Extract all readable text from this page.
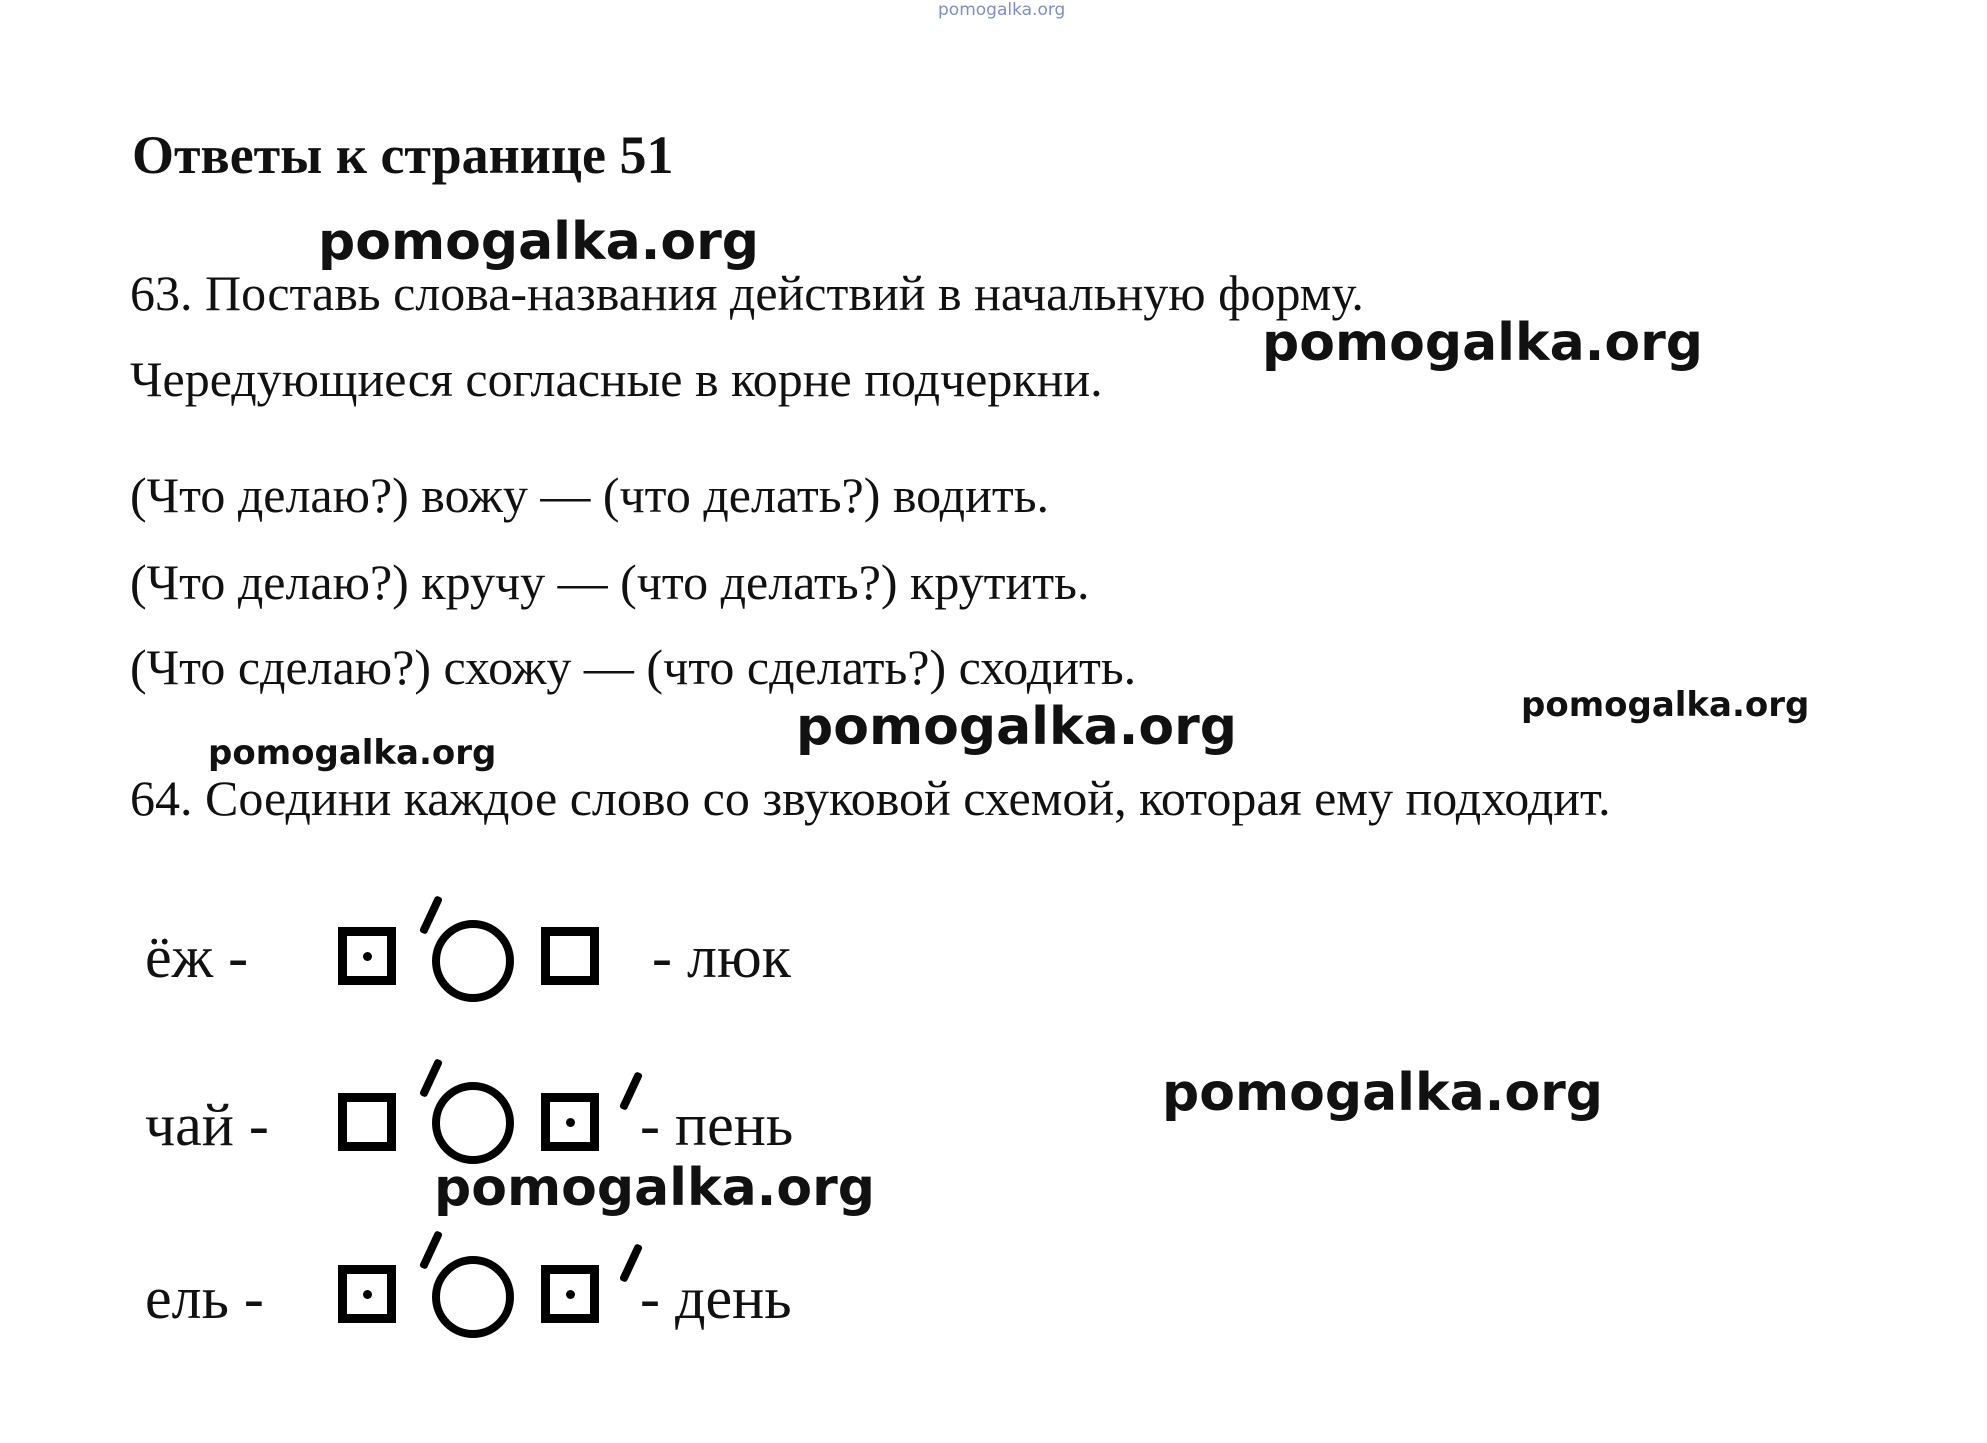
pomogalka.org
Ответы к странице 51
63. Поставь слова-названия действий в начальную форму.
Чередующиеся согласные в корне подчеркни.
(Что делаю?) вожу — (что делать?) водить.
(Что делаю?) кручу — (что делать?) крутить.
(Что сделаю?) схожу — (что сделать?) сходить.
64. Соедини каждое слово со звуковой схемой, которая ему подходит.
ёж -	- люк
чай -	- пень
ель -	- день
pomogalka.org
pomogalka.org
pomogalka.org
pomogalka.org
pomogalka.org
pomogalka.org
pomogalka.org
